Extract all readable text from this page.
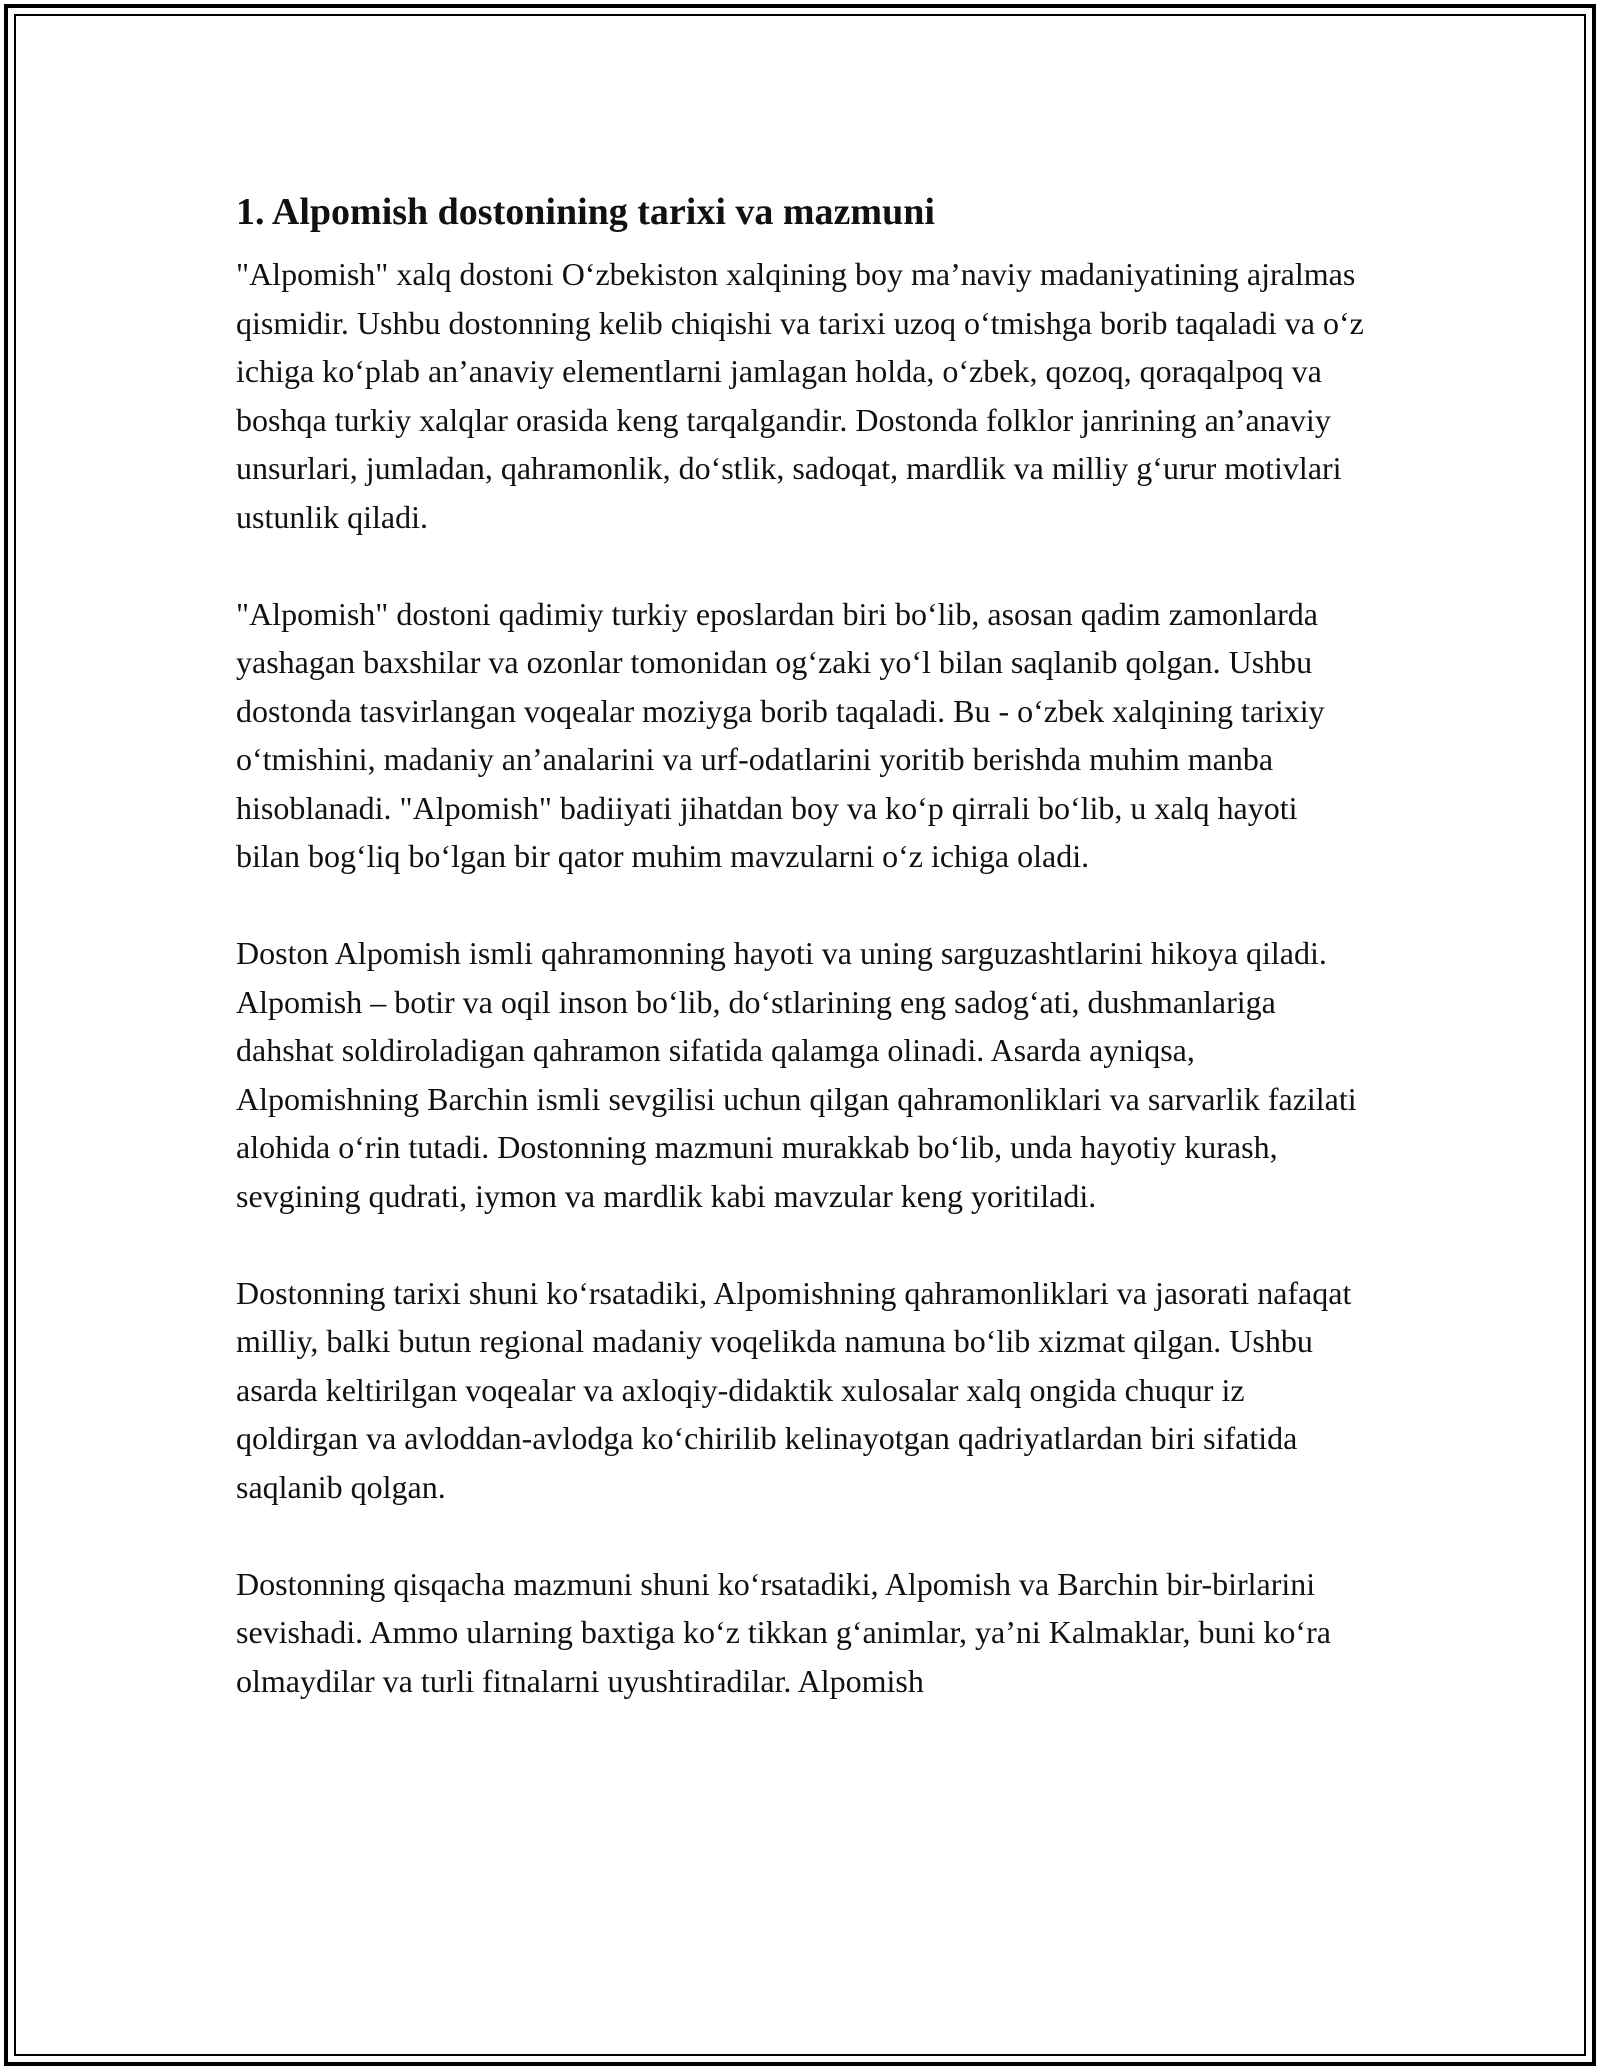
1. Alpomish dostonining tarixi va mazmuni

"Alpomish" xalq dostoni O‘zbekiston xalqining boy ma’naviy madaniyatining ajralmas qismidir. Ushbu dostonning kelib chiqishi va tarixi uzoq o‘tmishga borib taqaladi va o‘z ichiga ko‘plab an’anaviy elementlarni jamlagan holda, o‘zbek, qozoq, qoraqalpoq va boshqa turkiy xalqlar orasida keng tarqalgandir. Dostonda folklor janrining an’anaviy unsurlari, jumladan, qahramonlik, do‘stlik, sadoqat, mardlik va milliy g‘urur motivlari ustunlik qiladi.

"Alpomish" dostoni qadimiy turkiy eposlardan biri bo‘lib, asosan qadim zamonlarda yashagan baxshilar va ozonlar tomonidan og‘zaki yo‘l bilan saqlanib qolgan. Ushbu dostonda tasvirlangan voqealar moziyga borib taqaladi. Bu - o‘zbek xalqining tarixiy o‘tmishini, madaniy an’analarini va urf-odatlarini yoritib berishda muhim manba hisoblanadi. "Alpomish" badiiyati jihatdan boy va ko‘p qirrali bo‘lib, u xalq hayoti bilan bog‘liq bo‘lgan bir qator muhim mavzularni o‘z ichiga oladi.

Doston Alpomish ismli qahramonning hayoti va uning sarguzashtlarini hikoya qiladi. Alpomish – botir va oqil inson bo‘lib, do‘stlarining eng sadog‘ati, dushmanlariga dahshat soldiroladigan qahramon sifatida qalamga olinadi. Asarda ayniqsa, Alpomishning Barchin ismli sevgilisi uchun qilgan qahramonliklari va sarvarlik fazilati alohida o‘rin tutadi. Dostonning mazmuni murakkab bo‘lib, unda hayotiy kurash, sevgining qudrati, iymon va mardlik kabi mavzular keng yoritiladi.

Dostonning tarixi shuni ko‘rsatadiki, Alpomishning qahramonliklari va jasorati nafaqat milliy, balki butun regional madaniy voqelikda namuna bo‘lib xizmat qilgan. Ushbu asarda keltirilgan voqealar va axloqiy-didaktik xulosalar xalq ongida chuqur iz qoldirgan va avloddan-avlodga ko‘chirilib kelinayotgan qadriyatlardan biri sifatida saqlanib qolgan.

Dostonning qisqacha mazmuni shuni ko‘rsatadiki, Alpomish va Barchin bir-birlarini sevishadi. Ammo ularning baxtiga ko‘z tikkan g‘animlar, ya’ni Kalmaklar, buni ko‘ra olmaydilar va turli fitnalarni uyushtiradilar. Alpomish
